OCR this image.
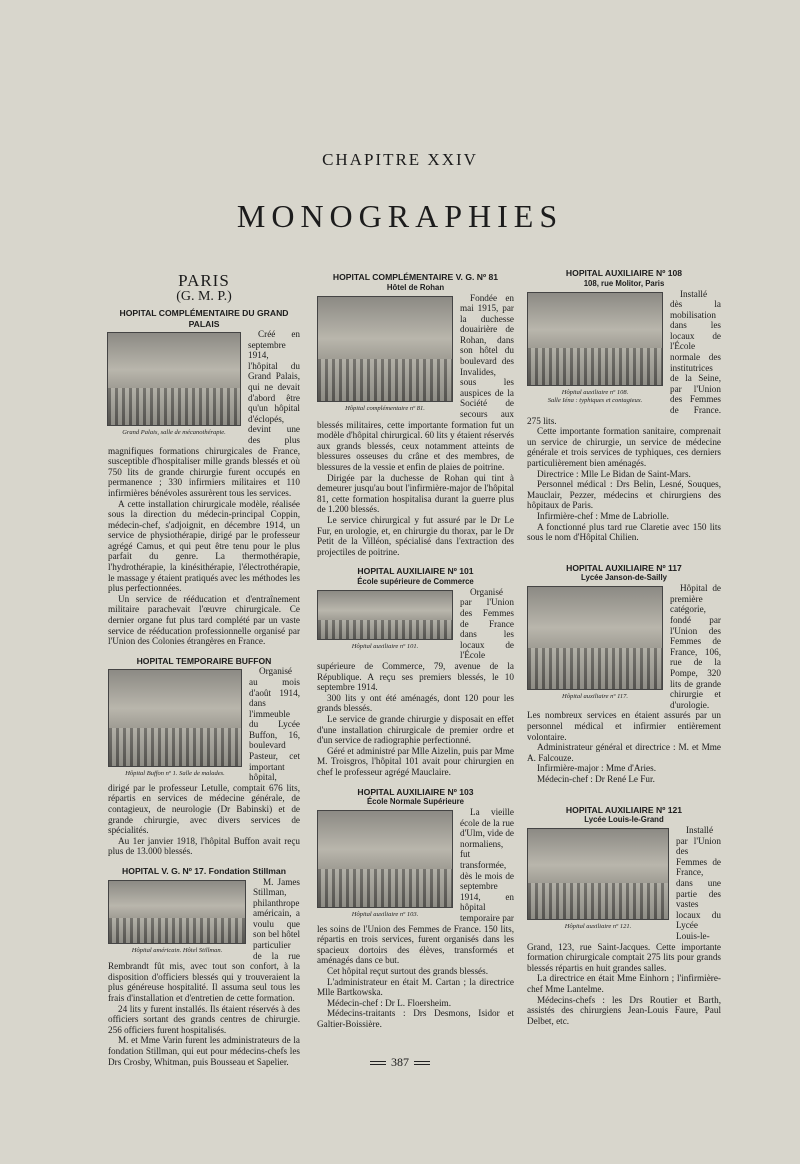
CHAPITRE XXIV
MONOGRAPHIES
PARIS
(G. M. P.)
HOPITAL COMPLÉMENTAIRE DU GRAND PALAIS
Grand Palais, salle de mécanothérapie.

Créé en septembre 1914, l'hôpital du Grand Palais, qui ne devait d'abord être qu'un hôpital d'éclopés, devint une des plus magnifiques formations chirurgicales de France, susceptible d'hospitaliser mille grands blessés et où 750 lits de grande chirurgie furent occupés en permanence ; 330 infirmiers militaires et 110 infirmières bénévoles assurèrent tous les services.

A cette installation chirurgicale modèle, réalisée sous la direction du médecin-principal Coppin, médecin-chef, s'adjoignit, en décembre 1914, un service de physiothérapie, dirigé par le professeur agrégé Camus, et qui peut être tenu pour le plus parfait du genre. La thermothérapie, l'hydrothérapie, la kinésithérapie, l'électrothérapie, le massage y étaient pratiqués avec les méthodes les plus perfectionnées.

Un service de rééducation et d'entraînement militaire parachevait l'œuvre chirurgicale. Ce dernier organe fut plus tard complété par un vaste service de rééducation professionnelle organisé par l'Union des Colonies étrangères en France.

HOPITAL TEMPORAIRE BUFFON
Hôpital Buffon nº 1. Salle de malades.

Organisé au mois d'août 1914, dans l'immeuble du Lycée Buffon, 16, boulevard Pasteur, cet important hôpital, dirigé par le professeur Letulle, comptait 676 lits, répartis en services de médecine générale, de contagieux, de neurologie (Dr Babinski) et de grande chirurgie, avec divers services de spécialités.

Au 1er janvier 1918, l'hôpital Buffon avait reçu plus de 13.000 blessés.

HOPITAL V. G. Nº 17. Fondation Stillman
Hôpital américain. Hôtel Stillman.

M. James Stillman, philanthrope américain, a voulu que son bel hôtel particulier de la rue Rembrandt fût mis, avec tout son confort, à la disposition d'officiers blessés qui y trouveraient la plus généreuse hospitalité. Il assuma seul tous les frais d'installation et d'entretien de cette formation.

24 lits y furent installés. Ils étaient réservés à des officiers sortant des grands centres de chirurgie. 256 officiers furent hospitalisés.

M. et Mme Varin furent les administrateurs de la fondation Stillman, qui eut pour médecins-chefs les Drs Crosby, Whitman, puis Bousseau et Sapelier.

HOPITAL COMPLÉMENTAIRE V. G. Nº 81
Hôtel de Rohan
Hôpital complémentaire nº 81.

Fondée en mai 1915, par la duchesse douairière de Rohan, dans son hôtel du boulevard des Invalides, sous les auspices de la Société de secours aux blessés militaires, cette importante formation fut un modèle d'hôpital chirurgical. 60 lits y étaient réservés aux grands blessés, ceux notamment atteints de blessures osseuses du crâne et des membres, de blessures de la vessie et enfin de plaies de poitrine.

Dirigée par la duchesse de Rohan qui tint à demeurer jusqu'au bout l'infirmière-major de l'hôpital 81, cette formation hospitalisa durant la guerre plus de 1.200 blessés.

Le service chirurgical y fut assuré par le Dr Le Fur, en urologie, et, en chirurgie du thorax, par le Dr Petit de la Villéon, spécialisé dans l'extraction des projectiles de poitrine.

HOPITAL AUXILIAIRE Nº 101
École supérieure de Commerce
Hôpital auxiliaire nº 101.

Organisé par l'Union des Femmes de France dans les locaux de l'École supérieure de Commerce, 79, avenue de la République. A reçu ses premiers blessés, le 10 septembre 1914.

300 lits y ont été aménagés, dont 120 pour les grands blessés.

Le service de grande chirurgie y disposait en effet d'une installation chirurgicale de premier ordre et d'un service de radiographie perfectionné.

Géré et administré par Mlle Aizelin, puis par Mme M. Troisgros, l'hôpital 101 avait pour chirurgien en chef le professeur agrégé Mauclaire.

HOPITAL AUXILIAIRE Nº 103
École Normale Supérieure
Hôpital auxiliaire nº 103.

La vieille école de la rue d'Ulm, vide de normaliens, fut transformée, dès le mois de septembre 1914, en hôpital temporaire par les soins de l'Union des Femmes de France. 150 lits, répartis en trois services, furent organisés dans les spacieux dortoirs des élèves, transformés et aménagés dans ce but.

Cet hôpital reçut surtout des grands blessés.

L'administrateur en était M. Cartan ; la directrice Mlle Bartkowska.

Médecin-chef : Dr L. Floersheim.

Médecins-traitants : Drs Desmons, Isidor et Galtier-Boissière.

HOPITAL AUXILIAIRE Nº 108
108, rue Molitor, Paris
Hôpital auxiliaire nº 108.
Salle Iéna : typhiques et contagieux.

Installé dès la mobilisation dans les locaux de l'École normale des institutrices de la Seine, par l'Union des Femmes de France. 275 lits.

Cette importante formation sanitaire, comprenait un service de chirurgie, un service de médecine générale et trois services de typhiques, ces derniers particulièrement bien aménagés.

Directrice : Mlle Le Bidan de Saint-Mars.

Personnel médical : Drs Belin, Lesné, Souques, Mauclair, Pezzer, médecins et chirurgiens des hôpitaux de Paris.

Infirmière-chef : Mme de Labriolle.

A fonctionné plus tard rue Claretie avec 150 lits sous le nom d'Hôpital Chilien.

HOPITAL AUXILIAIRE Nº 117
Lycée Janson-de-Sailly
Hôpital auxiliaire nº 117.

Hôpital de première catégorie, fondé par l'Union des Femmes de France, 106, rue de la Pompe, 320 lits de grande chirurgie et d'urologie. Les nombreux services en étaient assurés par un personnel médical et infirmier entièrement volontaire.

Administrateur général et directrice : M. et Mme A. Falcouze.

Infirmière-major : Mme d'Aries.

Médecin-chef : Dr René Le Fur.

HOPITAL AUXILIAIRE Nº 121
Lycée Louis-le-Grand
Hôpital auxiliaire nº 121.

Installé par l'Union des Femmes de France, dans une partie des vastes locaux du Lycée Louis-le-Grand, 123, rue Saint-Jacques. Cette importante formation chirurgicale comptait 275 lits pour grands blessés répartis en huit grandes salles.

La directrice en était Mme Einhorn ; l'infirmière-chef Mme Lantelme.

Médecins-chefs : les Drs Routier et Barth, assistés des chirurgiens Jean-Louis Faure, Paul Delbet, etc.

387
